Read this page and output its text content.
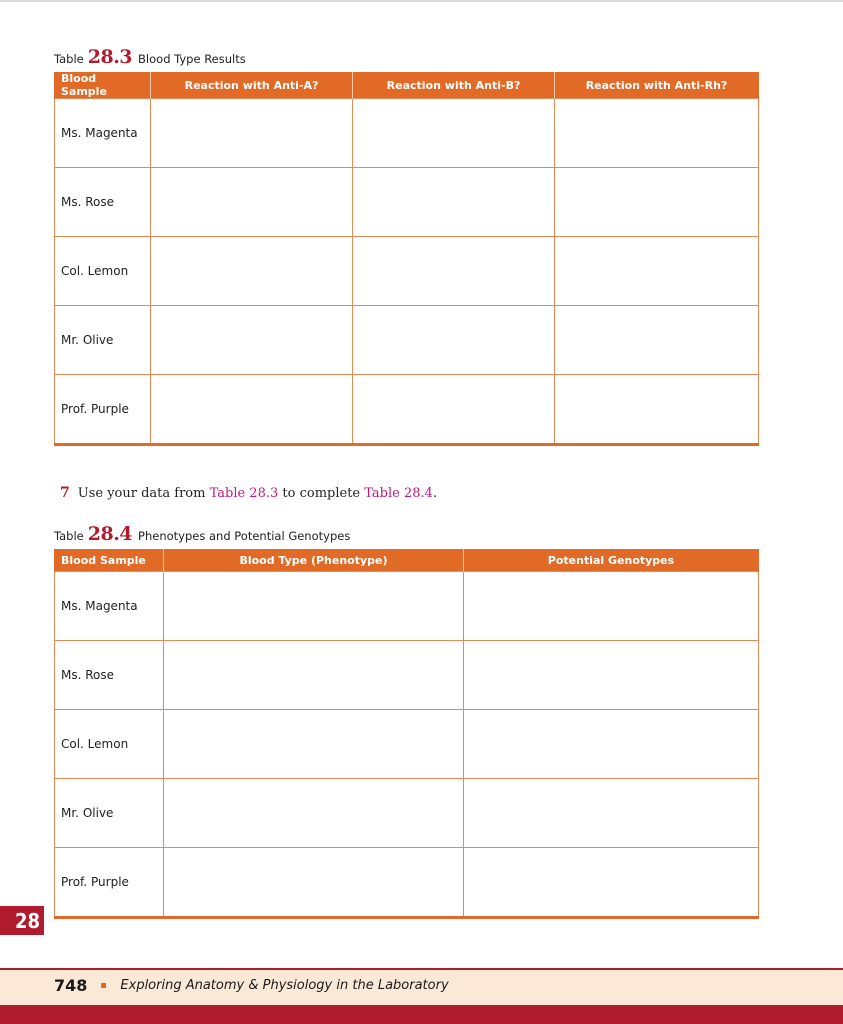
Table 28.3 Blood Type Results
Blood Sample	Reaction with Anti-A?	Reaction with Anti-B?	Reaction with Anti-Rh?
Ms. Magenta			
Ms. Rose			
Col. Lemon			
Mr. Olive			
Prof. Purple			
7 Use your data from Table 28.3 to complete Table 28.4.
Table 28.4 Phenotypes and Potential Genotypes
Blood Sample	Blood Type (Phenotype)	Potential Genotypes
Ms. Magenta		
Ms. Rose		
Col. Lemon		
Mr. Olive		
Prof. Purple		
28
748	Exploring Anatomy & Physiology in the Laboratory
